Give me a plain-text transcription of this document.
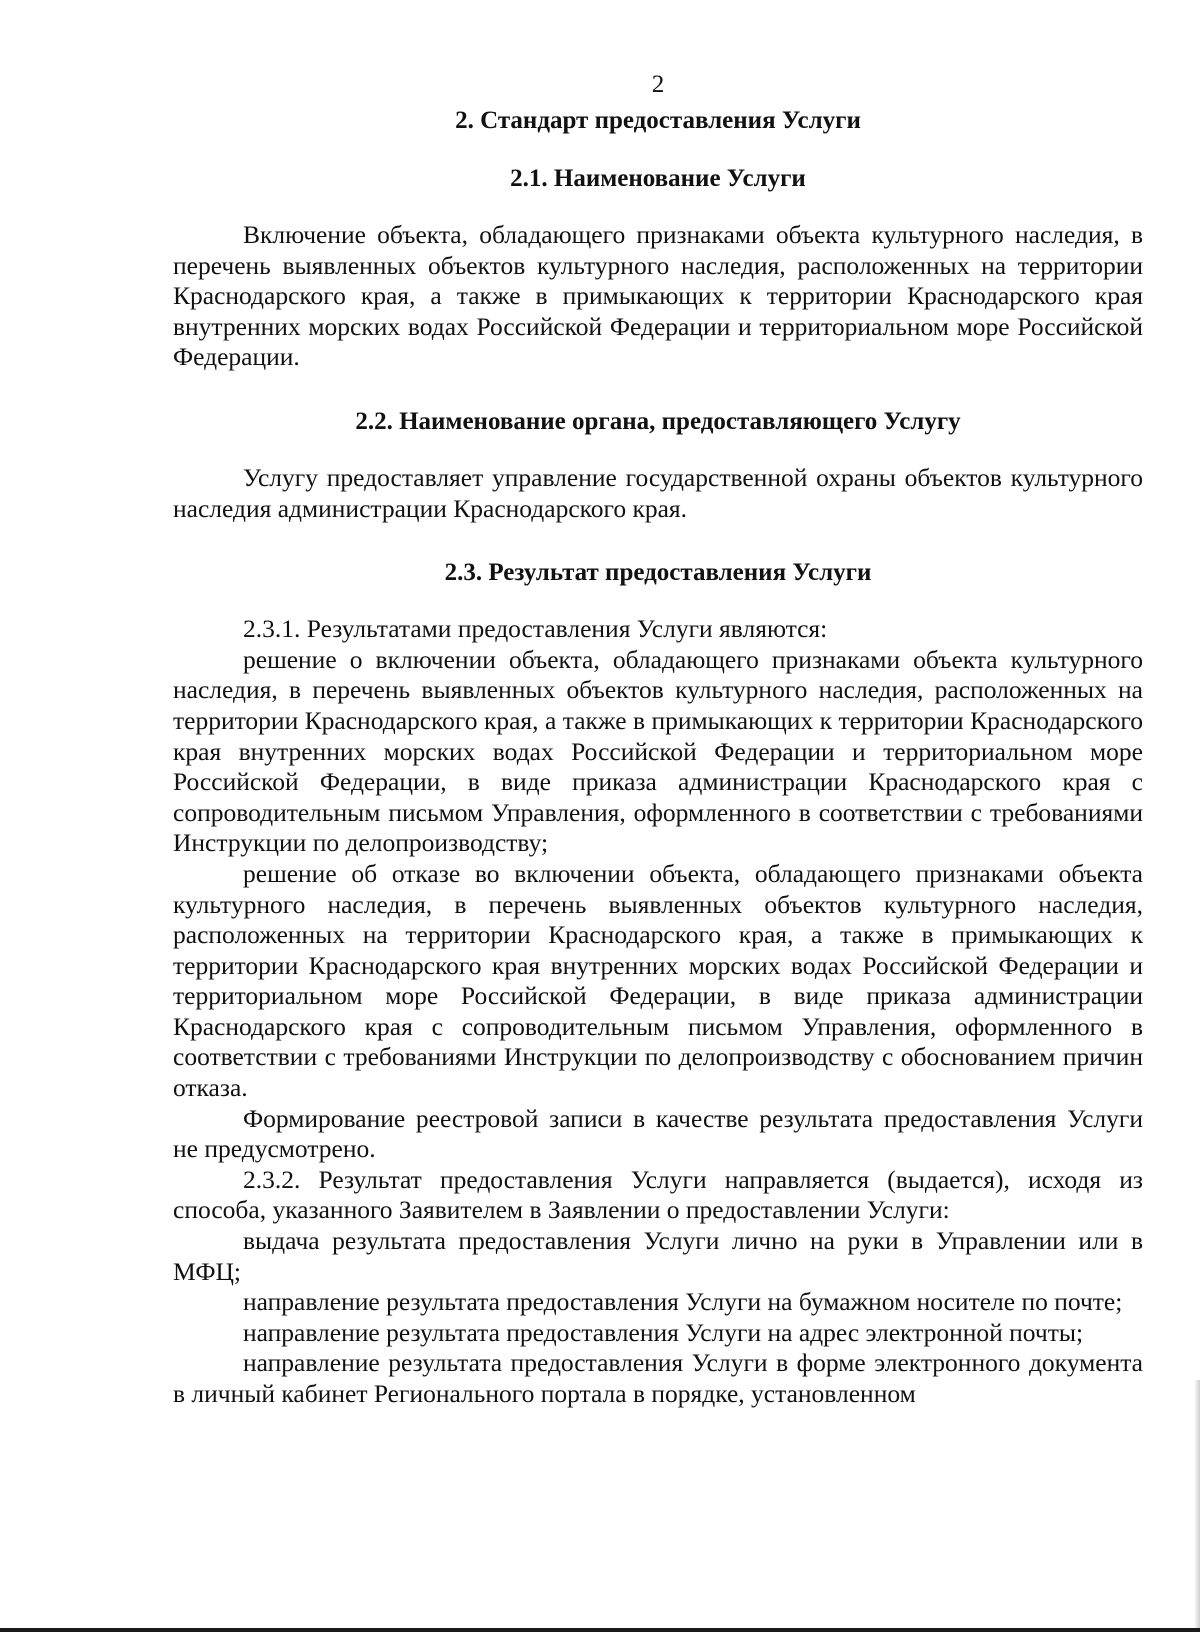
2
2. Стандарт предоставления Услуги
2.1. Наименование Услуги

Включение объекта, обладающего признаками объекта культурного наследия, в перечень выявленных объектов культурного наследия, расположенных на территории Краснодарского края, а также в примыкающих к территории Краснодарского края внутренних морских водах Российской Федерации и территориальном море Российской Федерации.

2.2. Наименование органа, предоставляющего Услугу

Услугу предоставляет управление государственной охраны объектов культурного наследия администрации Краснодарского края.

2.3. Результат предоставления Услуги

2.3.1. Результатами предоставления Услуги являются:

решение о включении объекта, обладающего признаками объекта культурного наследия, в перечень выявленных объектов культурного наследия, расположенных на территории Краснодарского края, а также в примыкающих к территории Краснодарского края внутренних морских водах Российской Федерации и территориальном море Российской Федерации, в виде приказа администрации Краснодарского края с сопроводительным письмом Управления, оформленного в соответствии с требованиями Инструкции по делопроизводству;

решение об отказе во включении объекта, обладающего признаками объекта культурного наследия, в перечень выявленных объектов культурного наследия, расположенных на территории Краснодарского края, а также в примыкающих к территории Краснодарского края внутренних морских водах Российской Федерации и территориальном море Российской Федерации, в виде приказа администрации Краснодарского края с сопроводительным письмом Управления, оформленного в соответствии с требованиями Инструкции по делопроизводству с обоснованием причин отказа.

Формирование реестровой записи в качестве результата предоставления Услуги не предусмотрено.

2.3.2. Результат предоставления Услуги направляется (выдается), исходя из способа, указанного Заявителем в Заявлении о предоставлении Услуги:

выдача результата предоставления Услуги лично на руки в Управлении или в МФЦ;

направление результата предоставления Услуги на бумажном носителе по почте;

направление результата предоставления Услуги на адрес электронной почты;

направление результата предоставления Услуги в форме электронного документа в личный кабинет Регионального портала в порядке, установленном
